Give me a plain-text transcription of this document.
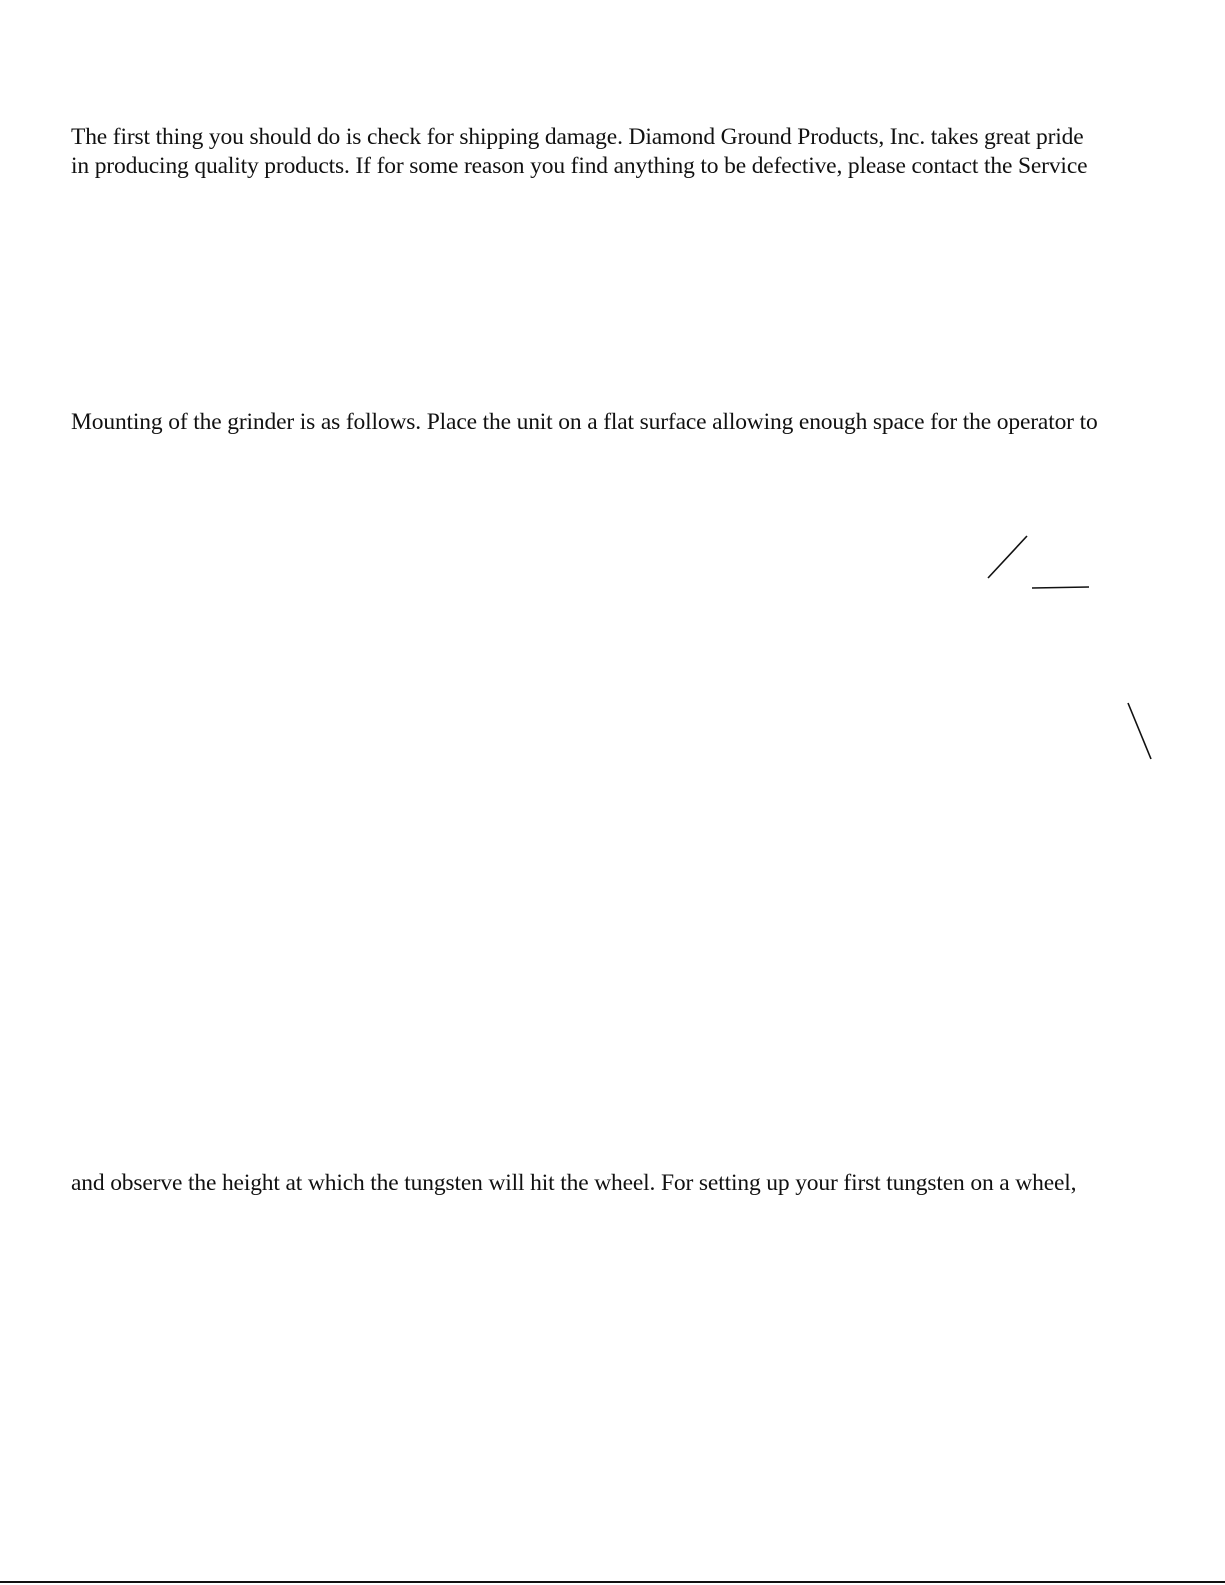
The first thing you should do is check for shipping damage. Diamond Ground Products, Inc. takes great pride

in producing quality products. If for some reason you find anything to be defective, please contact the Service

Mounting of the grinder is as follows. Place the unit on a flat surface allowing enough space for the operator to

and observe the height at which the tungsten will hit the wheel. For setting up your first tungsten on a wheel,
